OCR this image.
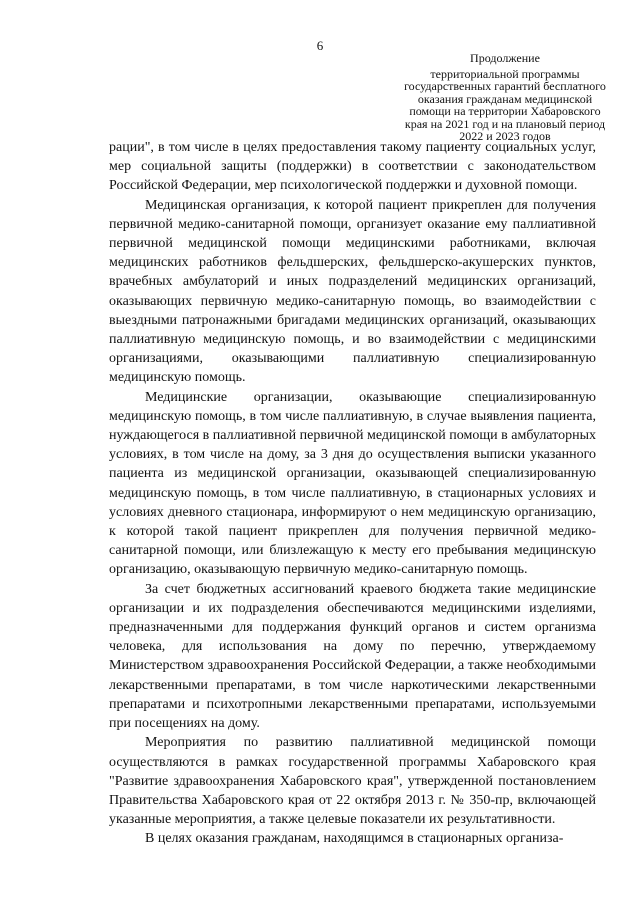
6
Продолжение
территориальной программы
государственных гарантий бесплатного
оказания гражданам медицинской
помощи на территории Хабаровского
края на 2021 год и на плановый период
2022 и 2023 годов

рации", в том числе в целях предоставления такому пациенту социальных услуг, мер социальной защиты (поддержки) в соответствии с законодательством Российской Федерации, мер психологической поддержки и духовной помощи.

Медицинская организация, к которой пациент прикреплен для получения первичной медико-санитарной помощи, организует оказание ему паллиативной первичной медицинской помощи медицинскими работниками, включая медицинских работников фельдшерских, фельдшерско-акушерских пунктов, врачебных амбулаторий и иных подразделений медицинских организаций, оказывающих первичную медико-санитарную помощь, во взаимодействии с выездными патронажными бригадами медицинских организаций, оказывающих паллиативную медицинскую помощь, и во взаимодействии с медицинскими организациями, оказывающими паллиативную специализированную медицинскую помощь.

Медицинские организации, оказывающие специализированную медицинскую помощь, в том числе паллиативную, в случае выявления пациента, нуждающегося в паллиативной первичной медицинской помощи в амбулаторных условиях, в том числе на дому, за 3 дня до осуществления выписки указанного пациента из медицинской организации, оказывающей специализированную медицинскую помощь, в том числе паллиативную, в стационарных условиях и условиях дневного стационара, информируют о нем медицинскую организацию, к которой такой пациент прикреплен для получения первичной медико-санитарной помощи, или близлежащую к месту его пребывания медицинскую организацию, оказывающую первичную медико-санитарную помощь.

За счет бюджетных ассигнований краевого бюджета такие медицинские организации и их подразделения обеспечиваются медицинскими изделиями, предназначенными для поддержания функций органов и систем организма человека, для использования на дому по перечню, утверждаемому Министерством здравоохранения Российской Федерации, а также необходимыми лекарственными препаратами, в том числе наркотическими лекарственными препаратами и психотропными лекарственными препаратами, используемыми при посещениях на дому.

Мероприятия по развитию паллиативной медицинской помощи осуществляются в рамках государственной программы Хабаровского края "Развитие здравоохранения Хабаровского края", утвержденной постановлением Правительства Хабаровского края от 22 октября 2013 г. № 350-пр, включающей указанные мероприятия, а также целевые показатели их результативности.

В целях оказания гражданам, находящимся в стационарных организа-
